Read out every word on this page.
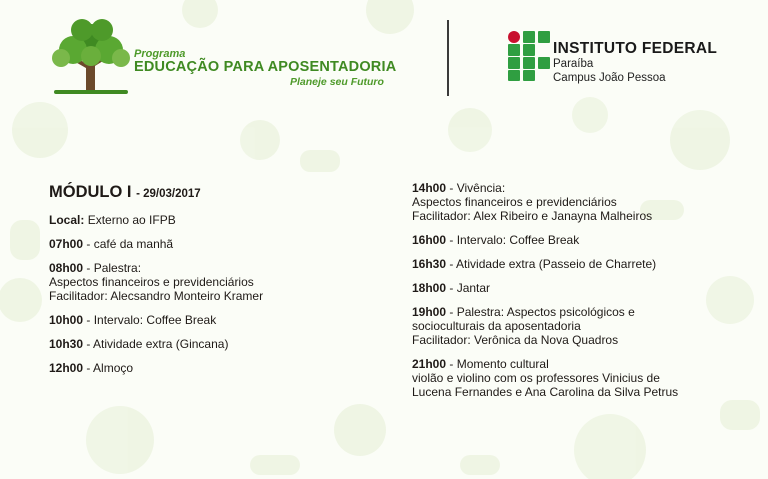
Programa
EDUCAÇÃO PARA APOSENTADORIA
Planeje seu Futuro
INSTITUTO FEDERAL
Paraíba
Campus João Pessoa
MÓDULO I - 29/03/2017
Local: Externo ao IFPB
07h00 - café da manhã
08h00 - Palestra:
Aspectos financeiros e previdenciários
Facilitador: Alecsandro Monteiro Kramer
10h00 - Intervalo: Coffee Break
10h30 - Atividade extra (Gincana)
12h00 - Almoço
14h00 - Vivência:
Aspectos financeiros e previdenciários
Facilitador: Alex Ribeiro e Janayna Malheiros
16h00 - Intervalo: Coffee Break
16h30 - Atividade extra (Passeio de Charrete)
18h00 - Jantar
19h00 - Palestra: Aspectos psicológicos e
socioculturais da aposentadoria
Facilitador: Verônica da Nova Quadros
21h00 - Momento cultural
violão e violino com os professores Vinicius de
Lucena Fernandes e Ana Carolina da Silva Petrus
